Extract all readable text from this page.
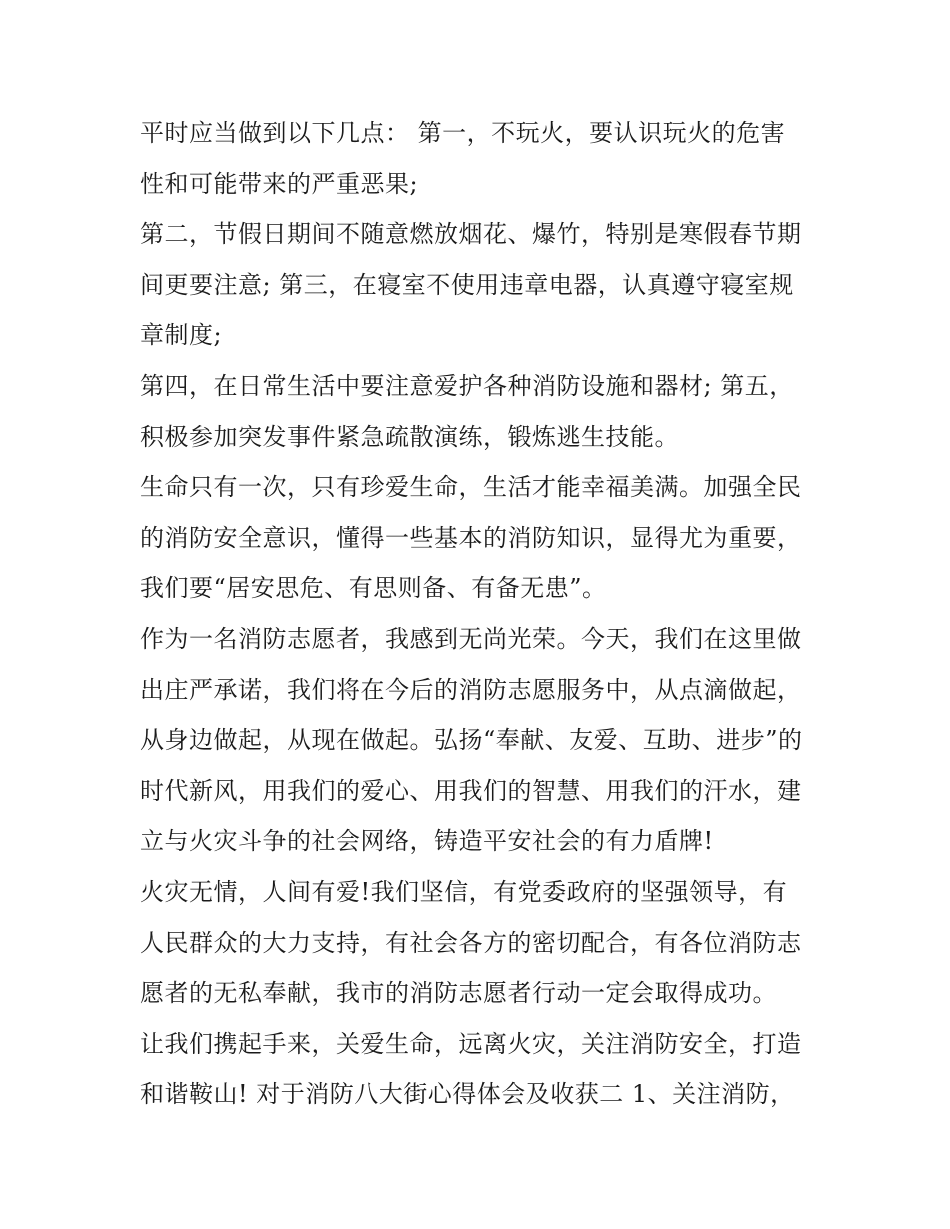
平时应当做到以下几点： 第一，不玩火，要认识玩火的危害
性和可能带来的严重恶果;
第二，节假日期间不随意燃放烟花、爆竹，特别是寒假春节期
间更要注意; 第三，在寝室不使用违章电器，认真遵守寝室规
章制度;
第四，在日常生活中要注意爱护各种消防设施和器材; 第五，
积极参加突发事件紧急疏散演练，锻炼逃生技能。
生命只有一次，只有珍爱生命，生活才能幸福美满。加强全民
的消防安全意识，懂得一些基本的消防知识，显得尤为重要，
我们要“居安思危、有思则备、有备无患”。
作为一名消防志愿者，我感到无尚光荣。今天，我们在这里做
出庄严承诺，我们将在今后的消防志愿服务中，从点滴做起，
从身边做起，从现在做起。弘扬“奉献、友爱、互助、进步”的
时代新风，用我们的爱心、用我们的智慧、用我们的汗水，建
立与火灾斗争的社会网络，铸造平安社会的有力盾牌!
火灾无情，人间有爱!我们坚信，有党委政府的坚强领导，有
人民群众的大力支持，有社会各方的密切配合，有各位消防志
愿者的无私奉献，我市的消防志愿者行动一定会取得成功。
让我们携起手来，关爱生命，远离火灾，关注消防安全，打造
和谐鞍山! 对于消防八大街心得体会及收获二 1、关注消防，
